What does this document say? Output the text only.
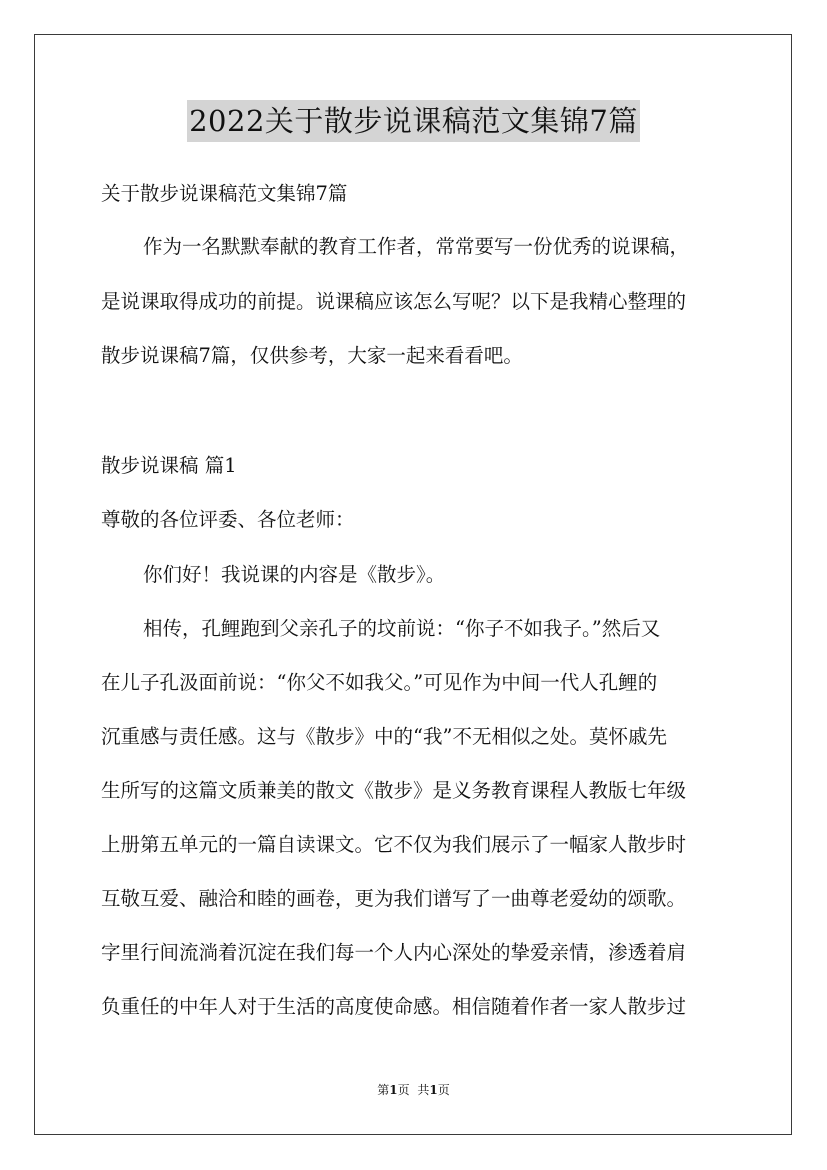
2022关于散步说课稿范文集锦7篇
关于散步说课稿范文集锦7篇
作为一名默默奉献的教育工作者，常常要写一份优秀的说课稿，
是说课取得成功的前提。说课稿应该怎么写呢？以下是我精心整理的
散步说课稿7篇，仅供参考，大家一起来看看吧。
散步说课稿 篇1
尊敬的各位评委、各位老师：
你们好！我说课的内容是《散步》。
相传，孔鲤跑到父亲孔子的坟前说：“你子不如我子。”然后又
在儿子孔汲面前说：“你父不如我父。”可见作为中间一代人孔鲤的
沉重感与责任感。这与《散步》中的“我”不无相似之处。莫怀戚先
生所写的这篇文质兼美的散文《散步》是义务教育课程人教版七年级
上册第五单元的一篇自读课文。它不仅为我们展示了一幅家人散步时
互敬互爱、融洽和睦的画卷，更为我们谱写了一曲尊老爱幼的颂歌。
字里行间流淌着沉淀在我们每一个人内心深处的挚爱亲情，渗透着肩
负重任的中年人对于生活的高度使命感。相信随着作者一家人散步过
第1页 共1页
